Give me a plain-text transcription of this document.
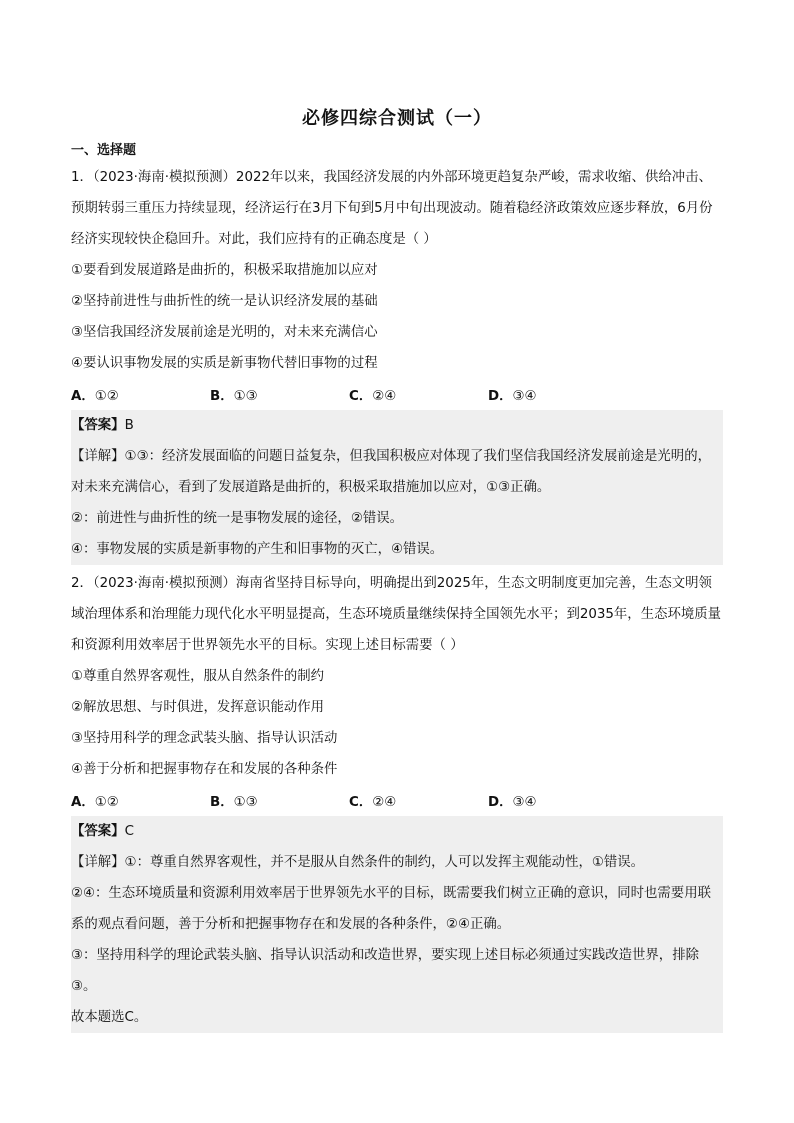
必修四综合测试（一）
一、选择题
1．（2023·海南·模拟预测）2022年以来，我国经济发展的内外部环境更趋复杂严峻，需求收缩、供给冲击、预期转弱三重压力持续显现，经济运行在3月下旬到5月中旬出现波动。随着稳经济政策效应逐步释放，6月份经济实现较快企稳回升。对此，我们应持有的正确态度是（ ）
①要看到发展道路是曲折的，积极采取措施加以应对
②坚持前进性与曲折性的统一是认识经济发展的基础
③坚信我国经济发展前途是光明的，对未来充满信心
④要认识事物发展的实质是新事物代替旧事物的过程
A．①②	B．①③	C．②④	D．③④
【答案】B
【详解】①③：经济发展面临的问题日益复杂，但我国积极应对体现了我们坚信我国经济发展前途是光明的，对未来充满信心，看到了发展道路是曲折的，积极采取措施加以应对，①③正确。
②：前进性与曲折性的统一是事物发展的途径，②错误。
④：事物发展的实质是新事物的产生和旧事物的灭亡，④错误。
2．（2023·海南·模拟预测）海南省坚持目标导向，明确提出到2025年，生态文明制度更加完善，生态文明领域治理体系和治理能力现代化水平明显提高，生态环境质量继续保持全国领先水平；到2035年，生态环境质量和资源利用效率居于世界领先水平的目标。实现上述目标需要（ ）
①尊重自然界客观性，服从自然条件的制约
②解放思想、与时俱进，发挥意识能动作用
③坚持用科学的理念武装头脑、指导认识活动
④善于分析和把握事物存在和发展的各种条件
A．①②	B．①③	C．②④	D．③④
【答案】C
【详解】①：尊重自然界客观性，并不是服从自然条件的制约，人可以发挥主观能动性，①错误。
②④：生态环境质量和资源利用效率居于世界领先水平的目标，既需要我们树立正确的意识，同时也需要用联系的观点看问题，善于分析和把握事物存在和发展的各种条件，②④正确。
③：坚持用科学的理论武装头脑、指导认识活动和改造世界，要实现上述目标必须通过实践改造世界，排除③。
故本题选C。
